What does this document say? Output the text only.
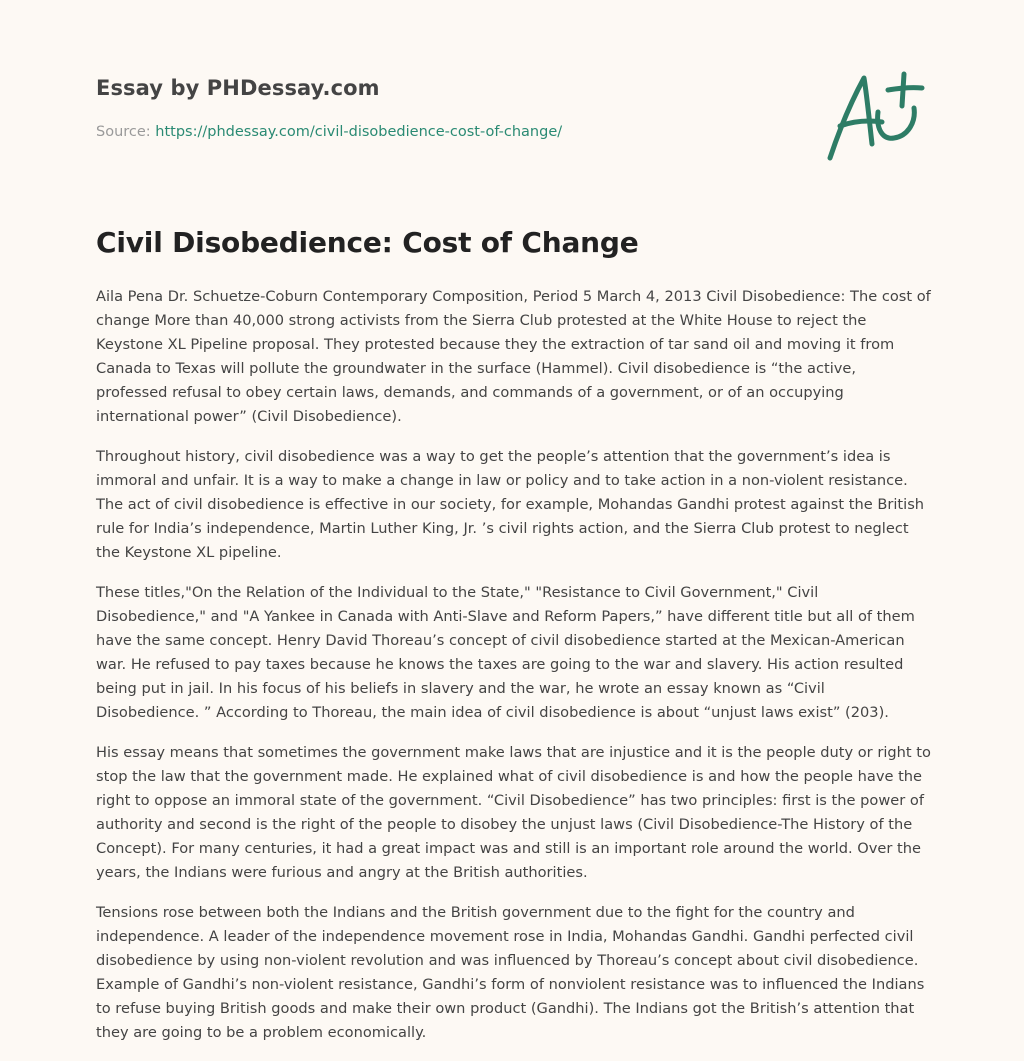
Essay by PHDessay.com
Source: https://phdessay.com/civil-disobedience-cost-of-change/
Civil Disobedience: Cost of Change

Aila Pena Dr. Schuetze-Coburn Contemporary Composition, Period 5 March 4, 2013 Civil Disobedience: The cost of change More than 40,000 strong activists from the Sierra Club protested at the White House to reject the Keystone XL Pipeline proposal. They protested because they the extraction of tar sand oil and moving it from Canada to Texas will pollute the groundwater in the surface (Hammel). Civil disobedience is “the active, professed refusal to obey certain laws, demands, and commands of a government, or of an occupying international power” (Civil Disobedience).

Throughout history, civil disobedience was a way to get the people’s attention that the government’s idea is immoral and unfair. It is a way to make a change in law or policy and to take action in a non-violent resistance. The act of civil disobedience is effective in our society, for example, Mohandas Gandhi protest against the British rule for India’s independence, Martin Luther King, Jr. ’s civil rights action, and the Sierra Club protest to neglect the Keystone XL pipeline.

These titles,"On the Relation of the Individual to the State," "Resistance to Civil Government," Civil Disobedience," and "A Yankee in Canada with Anti-Slave and Reform Papers,” have different title but all of them have the same concept. Henry David Thoreau’s concept of civil disobedience started at the Mexican-American war. He refused to pay taxes because he knows the taxes are going to the war and slavery. His action resulted being put in jail. In his focus of his beliefs in slavery and the war, he wrote an essay known as “Civil Disobedience. ” According to Thoreau, the main idea of civil disobedience is about “unjust laws exist” (203).

His essay means that sometimes the government make laws that are injustice and it is the people duty or right to stop the law that the government made. He explained what of civil disobedience is and how the people have the right to oppose an immoral state of the government. “Civil Disobedience” has two principles: first is the power of authority and second is the right of the people to disobey the unjust laws (Civil Disobedience-The History of the Concept). For many centuries, it had a great impact was and still is an important role around the world. Over the years, the Indians were furious and angry at the British authorities.

Tensions rose between both the Indians and the British government due to the fight for the country and independence. A leader of the independence movement rose in India, Mohandas Gandhi. Gandhi perfected civil disobedience by using non-violent revolution and was influenced by Thoreau’s concept about civil disobedience. Example of Gandhi’s non-violent resistance, Gandhi’s form of nonviolent resistance was to influenced the Indians to refuse buying British goods and make their own product (Gandhi). The Indians got the British’s attention that they are going to be a problem economically.
